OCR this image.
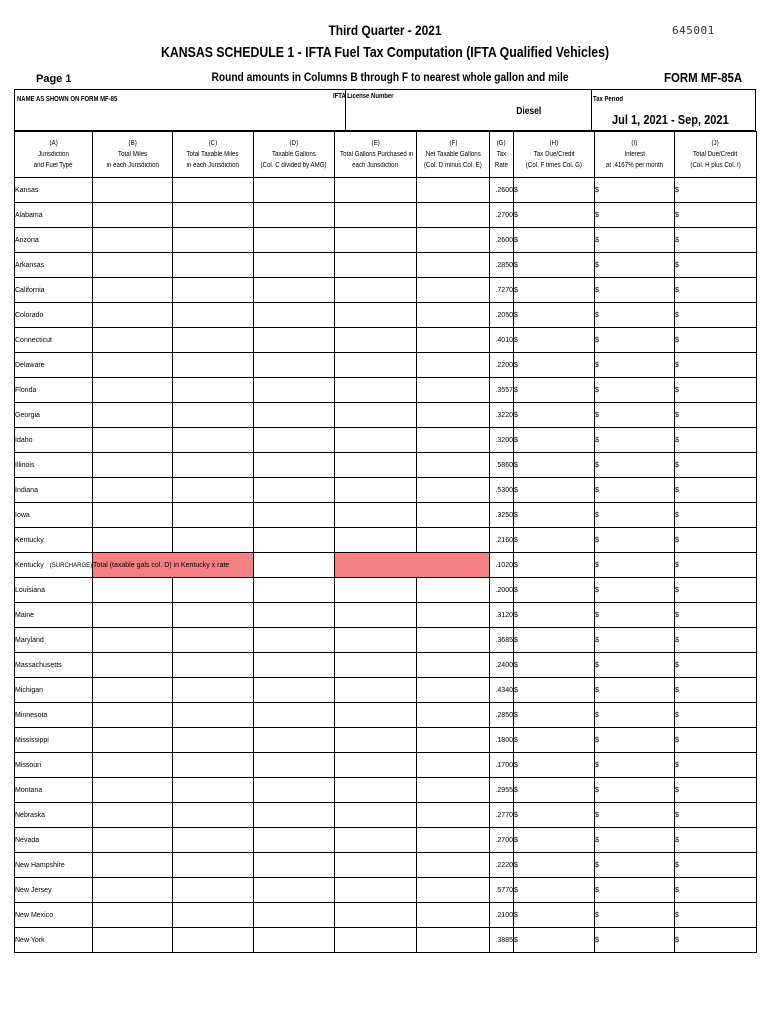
Third Quarter - 2021
KANSAS SCHEDULE 1 - IFTA Fuel Tax Computation (IFTA Qualified Vehicles)
645001
Page 1	Round amounts in Columns B through F to nearest whole gallon and mile	FORM MF-85A
NAME AS SHOWN ON FORM MF-85	IFTA License Number	Tax Period
Diesel
Jul 1, 2021 - Sep, 2021
(A)
Jurisdiction
and Fuel Type	(B)
Total Miles
in each Jurisdiction	(C)
Total Taxable Miles
in each Jurisdiction	(D)
Taxable Gallons
(Col. C divided by AMG)	(E)
Total Gallons Purchased in
each Jurisdiction	(F)
Net Taxable Gallons
(Col. D minus Col. E)	(G)
Tax
Rate	(H)
Tax Due/Credit
(Col. F times Col. G)	(I)
Interest
at .4167% per month	(J)
Total Due/Credit
(Col. H plus Col. I)
Kansas						.2600	$	$	$
Alabama						.2700	$	$	$
Arizona						.2600	$	$	$
Arkansas						.2850	$	$	$
California						.7270	$	$	$
Colorado						.2050	$	$	$
Connecticut						.4010	$	$	$
Delaware						.2200	$	$	$
Florida						.3557	$	$	$
Georgia						.3220	$	$	$
Idaho						.3200	$	$	$
Illinois						.5860	$	$	$
Indiana						.5300	$	$	$
Iowa						.3250	$	$	$
Kentucky						.2160	$	$	$
Kentucky (SURCHARGE)	Total (taxable gals col. D) in Kentucky x rate					.1020	$	$	$
Louisiana						.2000	$	$	$
Maine						.3120	$	$	$
Maryland						.3685	$	$	$
Massachusetts						.2400	$	$	$
Michigan						.4340	$	$	$
Minnesota						.2850	$	$	$
Mississippi						.1800	$	$	$
Missouri						.1700	$	$	$
Montana						.2955	$	$	$
Nebraska						.2770	$	$	$
Nevada						.2700	$	$	$
New Hampshire						.2220	$	$	$
New Jersey						.5770	$	$	$
New Mexico						.2100	$	$	$
New York						.3885	$	$	$
